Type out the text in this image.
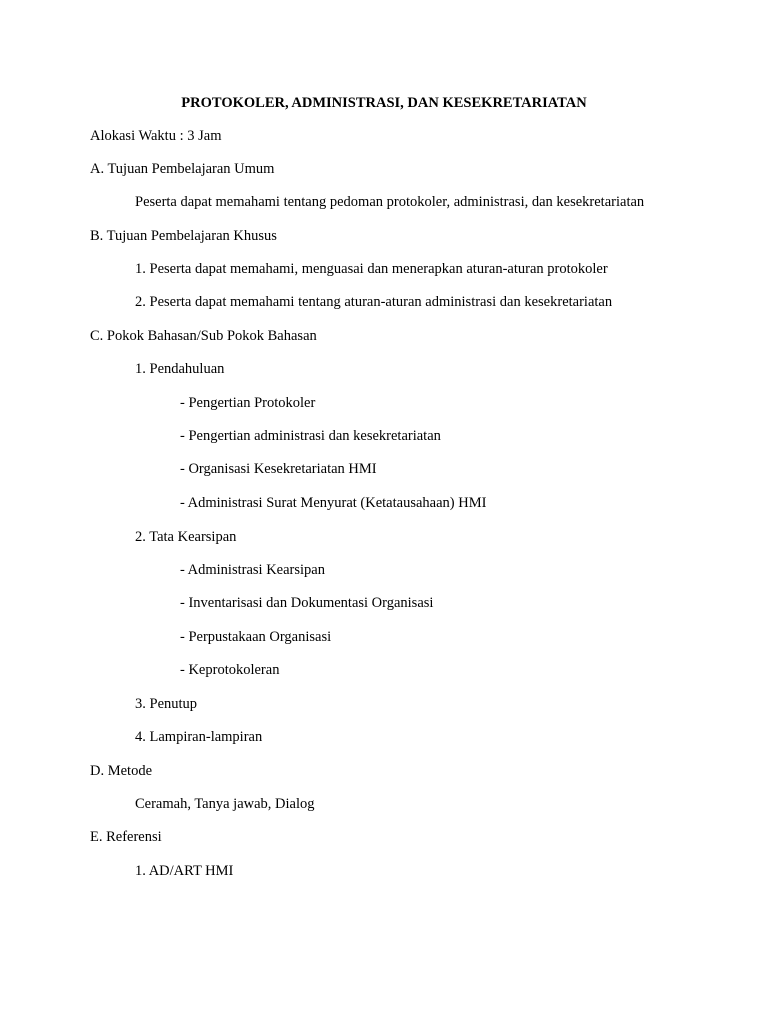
PROTOKOLER, ADMINISTRASI, DAN KESEKRETARIATAN
Alokasi Waktu : 3 Jam
A. Tujuan Pembelajaran Umum
Peserta dapat memahami tentang pedoman protokoler, administrasi, dan kesekretariatan
B. Tujuan Pembelajaran Khusus
1. Peserta dapat memahami, menguasai dan menerapkan aturan-aturan protokoler
2. Peserta dapat memahami tentang aturan-aturan administrasi dan kesekretariatan
C. Pokok Bahasan/Sub Pokok Bahasan
1. Pendahuluan
- Pengertian Protokoler
- Pengertian administrasi dan kesekretariatan
- Organisasi Kesekretariatan HMI
- Administrasi Surat Menyurat (Ketatausahaan) HMI
2. Tata Kearsipan
- Administrasi Kearsipan
- Inventarisasi dan Dokumentasi Organisasi
- Perpustakaan Organisasi
- Keprotokoleran
3. Penutup
4. Lampiran-lampiran
D. Metode
Ceramah, Tanya jawab, Dialog
E. Referensi
1. AD/ART HMI
